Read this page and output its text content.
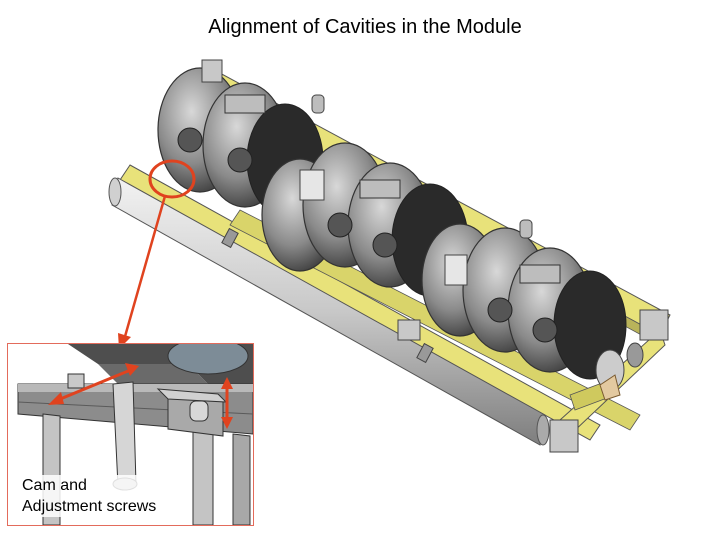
Alignment of Cavities in the Module
Cam and
Adjustment screws
